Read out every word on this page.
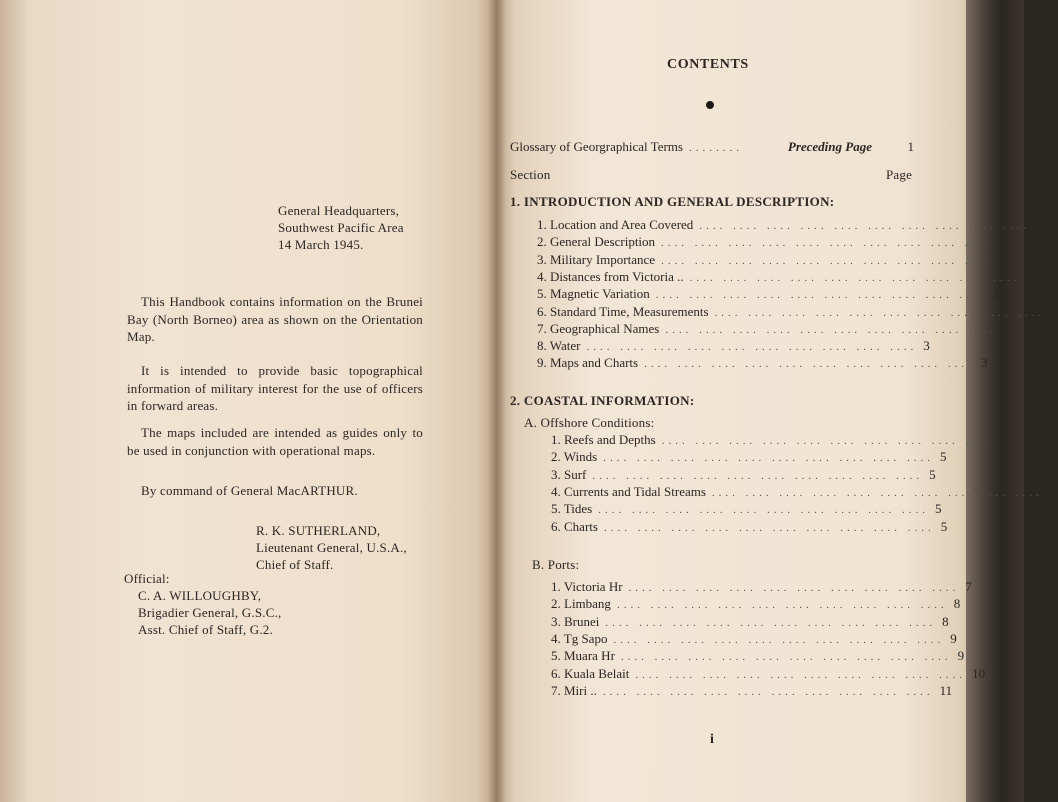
General Headquarters,
Southwest Pacific Area
14 March 1945.
This Handbook contains information on the Brunei Bay (North Borneo) area as shown on the Orientation Map.
It is intended to provide basic topographical information of military interest for the use of officers in forward areas.
The maps included are intended as guides only to be used in conjunction with operational maps.
By command of General MacARTHUR.
R. K. SUTHERLAND,
Lieutenant General, U.S.A.,
Chief of Staff.
Official:
C. A. WILLOUGHBY,
Brigadier General, G.S.C.,
Asst. Chief of Staff, G.2.
CONTENTS
Glossary of Georgraphical Terms ........	Preceding Page	1
Section	Page
1. INTRODUCTION AND GENERAL DESCRIPTION:
1. Location and Area Covered .... .... .... .... .... .... .... .... .... .... 1
2. General Description .... .... .... .... .... .... .... .... .... .... 1
3. Military Importance .... .... .... .... .... .... .... .... .... .... 1
4. Distances from Victoria .. .... .... .... .... .... .... .... .... .... .... 2
5. Magnetic Variation .... .... .... .... .... .... .... .... .... .... 2
6. Standard Time, Measurements .... .... .... .... .... .... .... .... .... .... 2
7. Geographical Names .... .... .... .... .... .... .... .... .... .... 2
8. Water .... .... .... .... .... .... .... .... .... .... 3
9. Maps and Charts .... .... .... .... .... .... .... .... .... .... 3
2. COASTAL INFORMATION:
A. Offshore Conditions:
1. Reefs and Depths .... .... .... .... .... .... .... .... .... .... 5
2. Winds .... .... .... .... .... .... .... .... .... .... 5
3. Surf .... .... .... .... .... .... .... .... .... .... 5
4. Currents and Tidal Streams .... .... .... .... .... .... .... .... .... .... 5
5. Tides .... .... .... .... .... .... .... .... .... .... 5
6. Charts .... .... .... .... .... .... .... .... .... .... 5
B. Ports:
1. Victoria Hr .... .... .... .... .... .... .... .... .... .... 7
2. Limbang .... .... .... .... .... .... .... .... .... .... 8
3. Brunei .... .... .... .... .... .... .... .... .... .... 8
4. Tg Sapo .... .... .... .... .... .... .... .... .... .... 9
5. Muara Hr .... .... .... .... .... .... .... .... .... .... 9
6. Kuala Belait .... .... .... .... .... .... .... .... .... .... 10
7. Miri .. .... .... .... .... .... .... .... .... .... .... 11
i
